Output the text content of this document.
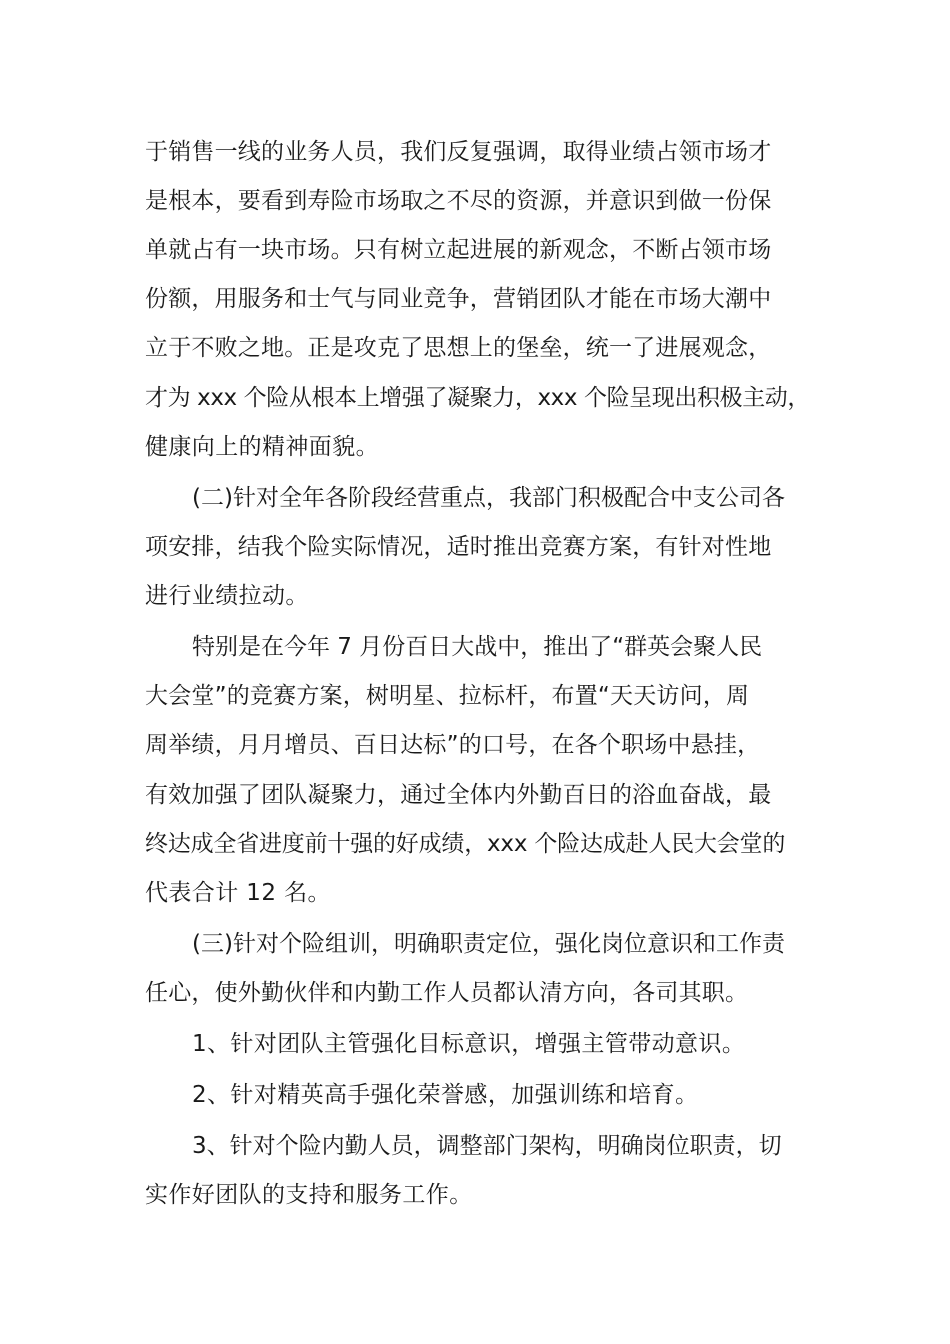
于销售一线的业务人员，我们反复强调，取得业绩占领市场才
是根本，要看到寿险市场取之不尽的资源，并意识到做一份保
单就占有一块市场。只有树立起进展的新观念，不断占领市场
份额，用服务和士气与同业竞争，营销团队才能在市场大潮中
立于不败之地。正是攻克了思想上的堡垒，统一了进展观念，
才为 xxx 个险从根本上增强了凝聚力，xxx 个险呈现出积极主动，
健康向上的精神面貌。
(二)针对全年各阶段经营重点，我部门积极配合中支公司各
项安排，结我个险实际情况，适时推出竞赛方案，有针对性地
进行业绩拉动。
特别是在今年 7 月份百日大战中，推出了“群英会聚人民
大会堂”的竞赛方案，树明星、拉标杆，布置“天天访问，周
周举绩，月月增员、百日达标”的口号，在各个职场中悬挂，
有效加强了团队凝聚力，通过全体内外勤百日的浴血奋战，最
终达成全省进度前十强的好成绩，xxx 个险达成赴人民大会堂的
代表合计 12 名。
(三)针对个险组训，明确职责定位，强化岗位意识和工作责
任心，使外勤伙伴和内勤工作人员都认清方向，各司其职。
1、针对团队主管强化目标意识，增强主管带动意识。
2、针对精英高手强化荣誉感，加强训练和培育。
3、针对个险内勤人员，调整部门架构，明确岗位职责，切
实作好团队的支持和服务工作。
